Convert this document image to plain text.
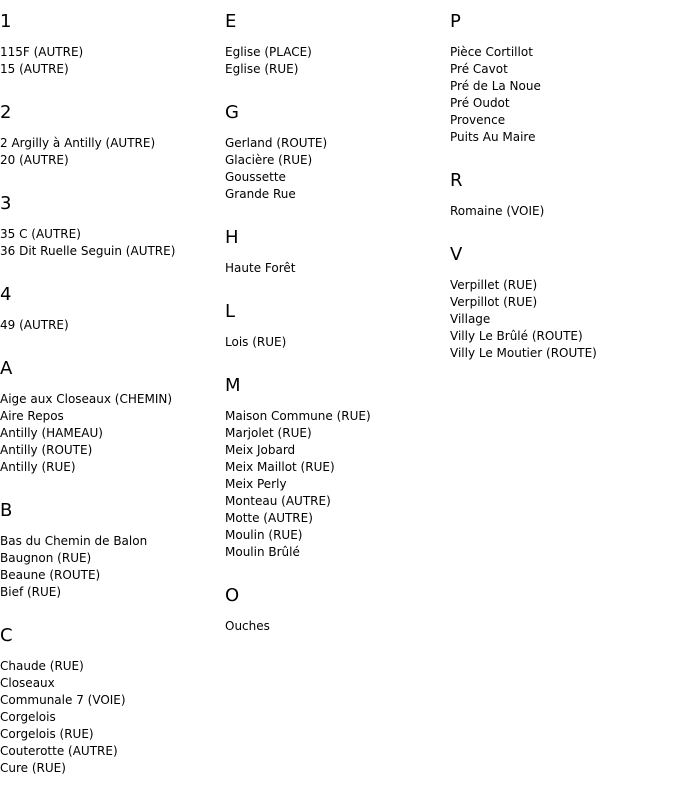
1
115F (AUTRE)
15 (AUTRE)
2
2 Argilly à Antilly (AUTRE)
20 (AUTRE)
3
35 C (AUTRE)
36 Dit Ruelle Seguin (AUTRE)
4
49 (AUTRE)
A
Aige aux Closeaux (CHEMIN)
Aire Repos
Antilly (HAMEAU)
Antilly (ROUTE)
Antilly (RUE)
B
Bas du Chemin de Balon
Baugnon (RUE)
Beaune (ROUTE)
Bief (RUE)
C
Chaude (RUE)
Closeaux
Communale 7 (VOIE)
Corgelois
Corgelois (RUE)
Couterotte (AUTRE)
Cure (RUE)
E
Eglise (PLACE)
Eglise (RUE)
G
Gerland (ROUTE)
Glacière (RUE)
Goussette
Grande Rue
H
Haute Forêt
L
Lois (RUE)
M
Maison Commune (RUE)
Marjolet (RUE)
Meix Jobard
Meix Maillot (RUE)
Meix Perly
Monteau (AUTRE)
Motte (AUTRE)
Moulin (RUE)
Moulin Brûlé
O
Ouches
P
Pièce Cortillot
Pré Cavot
Pré de La Noue
Pré Oudot
Provence
Puits Au Maire
R
Romaine (VOIE)
V
Verpillet (RUE)
Verpillot (RUE)
Village
Villy Le Brûlé (ROUTE)
Villy Le Moutier (ROUTE)
